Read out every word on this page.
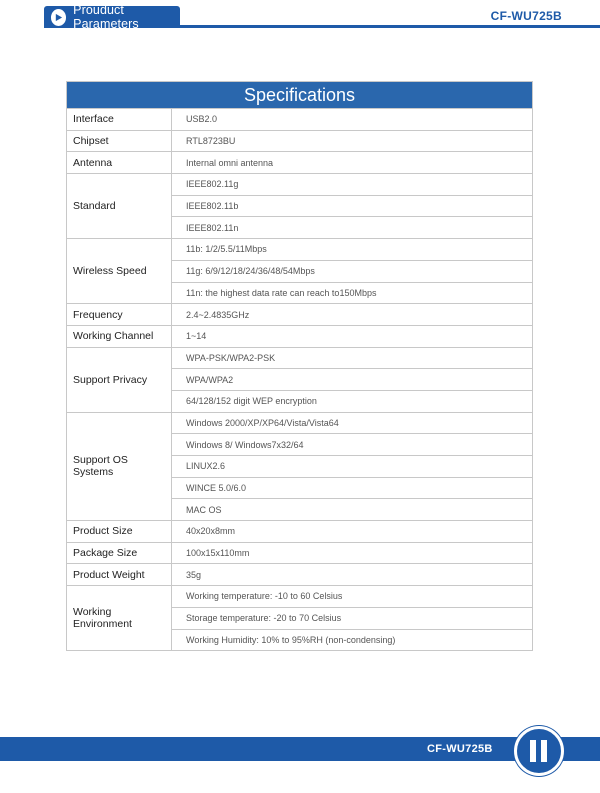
Prouduct Parameters
CF-WU725B
Specifications	
Interface	USB2.0
Chipset	RTL8723BU
Antenna	Internal omni antenna
Standard	IEEE802.11g
	IEEE802.11b
	IEEE802.11n
Wireless Speed	11b: 1/2/5.5/11Mbps
	11g: 6/9/12/18/24/36/48/54Mbps
	11n: the highest data rate can reach to150Mbps
Frequency	2.4~2.4835GHz
Working Channel	1~14
Support Privacy	WPA-PSK/WPA2-PSK
	WPA/WPA2
	64/128/152 digit WEP encryption
Support OS Systems	Windows 2000/XP/XP64/Vista/Vista64
	Windows 8/ Windows7x32/64
	LINUX2.6
	WINCE 5.0/6.0
	MAC OS
Product Size	40x20x8mm
Package Size	100x15x110mm
Product Weight	35g
Working Environment	Working temperature: -10 to 60 Celsius
	Storage temperature: -20 to 70 Celsius
	Working Humidity: 10% to 95%RH (non-condensing)
CF-WU725B
